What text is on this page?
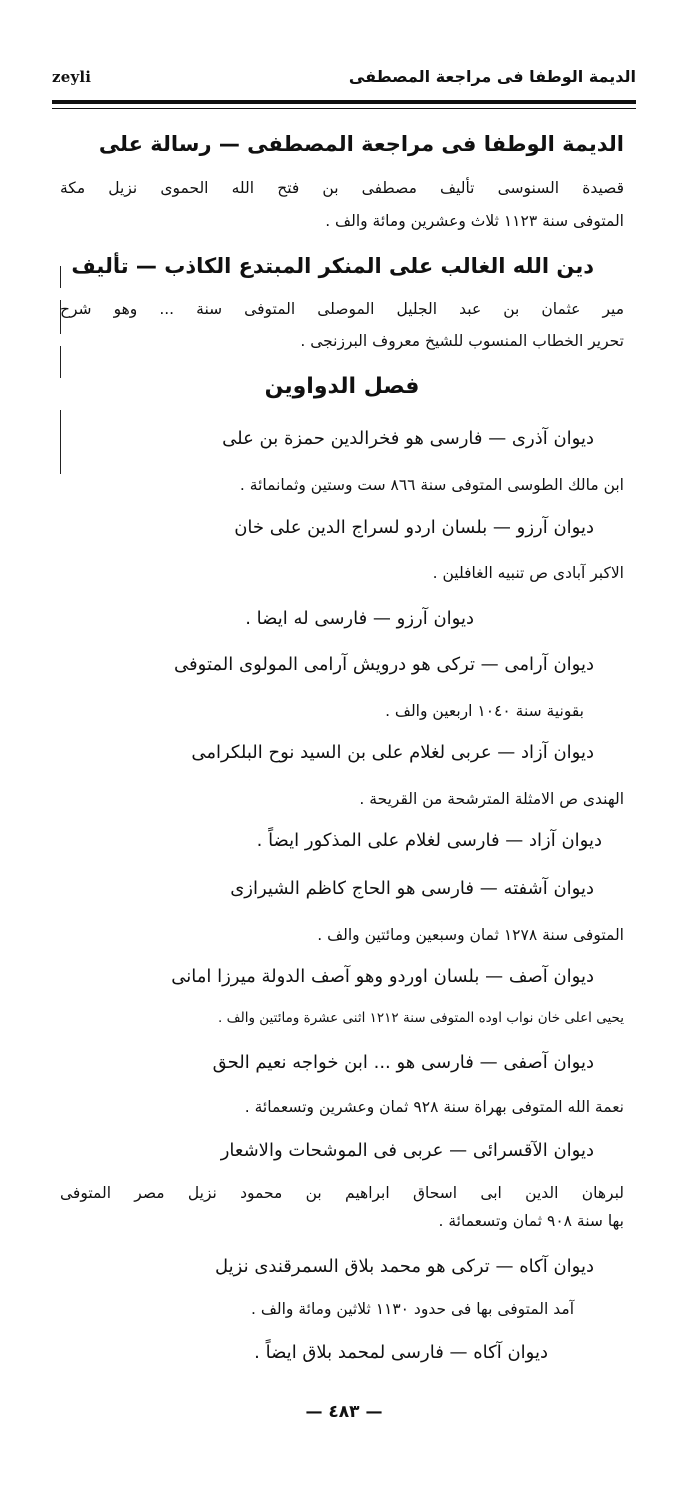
zeyli	الديمة الوطفا فى مراجعة المصطفى
الديمة الوطفا فى مراجعة المصطفى — رسالة على
قصيدة السنوسى تأليف مصطفى بن فتح الله الحموى نزيل مكة
المتوفى سنة ١١٢٣ ثلاث وعشرين ومائة والف .
دين الله الغالب على المنكر المبتدع الكاذب — تأليف
مير عثمان بن عبد الجليل الموصلى المتوفى سنة ... وهو شرح
تحرير الخطاب المنسوب للشيخ معروف البرزنجى .
فصل الدواوين
ديوان آذرى — فارسى هو فخرالدين حمزة بن على
ابن مالك الطوسى المتوفى سنة ٨٦٦ ست وستين وثمانمائة .
ديوان آرزو — بلسان اردو لسراج الدين على خان
الاكبر آبادى ص تنبيه الغافلين .
ديوان آرزو — فارسى له ايضا .
ديوان آرامى — تركى هو درويش آرامى المولوى المتوفى
بقونية سنة ١٠٤٠ اربعين والف .
ديوان آزاد — عربى لغلام على بن السيد نوح البلكرامى
الهندى ص الامثلة المترشحة من القريحة .
ديوان آزاد — فارسى لغلام على المذكور ايضاً .
ديوان آشفته — فارسى هو الحاج كاظم الشيرازى
المتوفى سنة ١٢٧٨ ثمان وسبعين ومائتين والف .
ديوان آصف — بلسان اوردو وهو آصف الدولة ميرزا امانى
يحيى اعلى خان نواب اوده المتوفى سنة ١٢١٢ اثنى عشرة ومائتين والف .
ديوان آصفى — فارسى هو ... ابن خواجه نعيم الحق
نعمة الله المتوفى بهراة سنة ٩٢٨ ثمان وعشرين وتسعمائة .
ديوان الآقسرائى — عربى فى الموشحات والاشعار
لبرهان الدين ابى اسحاق ابراهيم بن محمود نزيل مصر المتوفى
بها سنة ٩٠٨ ثمان وتسعمائة .
ديوان آكاه — تركى هو محمد بلاق السمرقندى نزيل
آمد المتوفى بها فى حدود ١١٣٠ ثلاثين ومائة والف .
ديوان آكاه — فارسى لمحمد بلاق ايضاً .
— ٤٨٣ —
